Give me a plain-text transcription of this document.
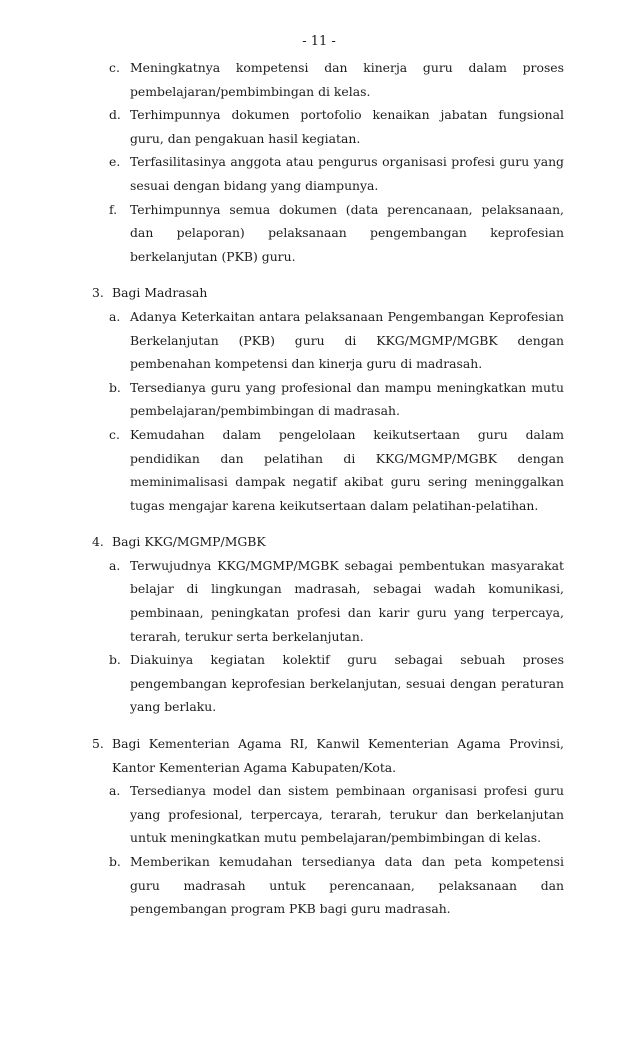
- 11 -
c. Meningkatnya kompetensi dan kinerja guru dalam proses pembelajaran/pembimbingan di kelas.
d. Terhimpunnya dokumen portofolio kenaikan jabatan fungsional guru, dan pengakuan hasil kegiatan.
e. Terfasilitasinya anggota atau pengurus organisasi profesi guru yang sesuai dengan bidang yang diampunya.
f.	Terhimpunnya semua dokumen (data perencanaan, pelaksanaan, dan pelaporan) pelaksanaan pengembangan keprofesian berkelanjutan (PKB) guru.
3. Bagi Madrasah
a. Adanya Keterkaitan antara pelaksanaan Pengembangan Keprofesian Berkelanjutan (PKB) guru di KKG/MGMP/MGBK dengan pembenahan kompetensi dan kinerja guru di madrasah.
b. Tersedianya guru yang profesional dan mampu meningkatkan mutu pembelajaran/pembimbingan di madrasah.
c. Kemudahan dalam pengelolaan keikutsertaan guru dalam pendidikan dan pelatihan di KKG/MGMP/MGBK dengan meminimalisasi dampak negatif akibat guru sering meninggalkan tugas mengajar karena keikutsertaan dalam pelatihan-pelatihan.
4. Bagi KKG/MGMP/MGBK
a. Terwujudnya KKG/MGMP/MGBK sebagai pembentukan masyarakat belajar di lingkungan madrasah, sebagai wadah komunikasi, pembinaan, peningkatan profesi dan karir guru yang terpercaya, terarah, terukur serta berkelanjutan.
b. Diakuinya kegiatan kolektif guru sebagai sebuah proses pengembangan keprofesian berkelanjutan, sesuai dengan peraturan yang berlaku.
5. Bagi Kementerian Agama RI, Kanwil Kementerian Agama Provinsi, Kantor Kementerian Agama Kabupaten/Kota.
a. Tersedianya model dan sistem pembinaan organisasi profesi guru yang profesional, terpercaya, terarah, terukur dan berkelanjutan untuk meningkatkan mutu pembelajaran/pembimbingan di kelas.
b. Memberikan kemudahan tersedianya data dan peta kompetensi guru madrasah untuk perencanaan, pelaksanaan dan pengembangan program PKB bagi guru madrasah.
